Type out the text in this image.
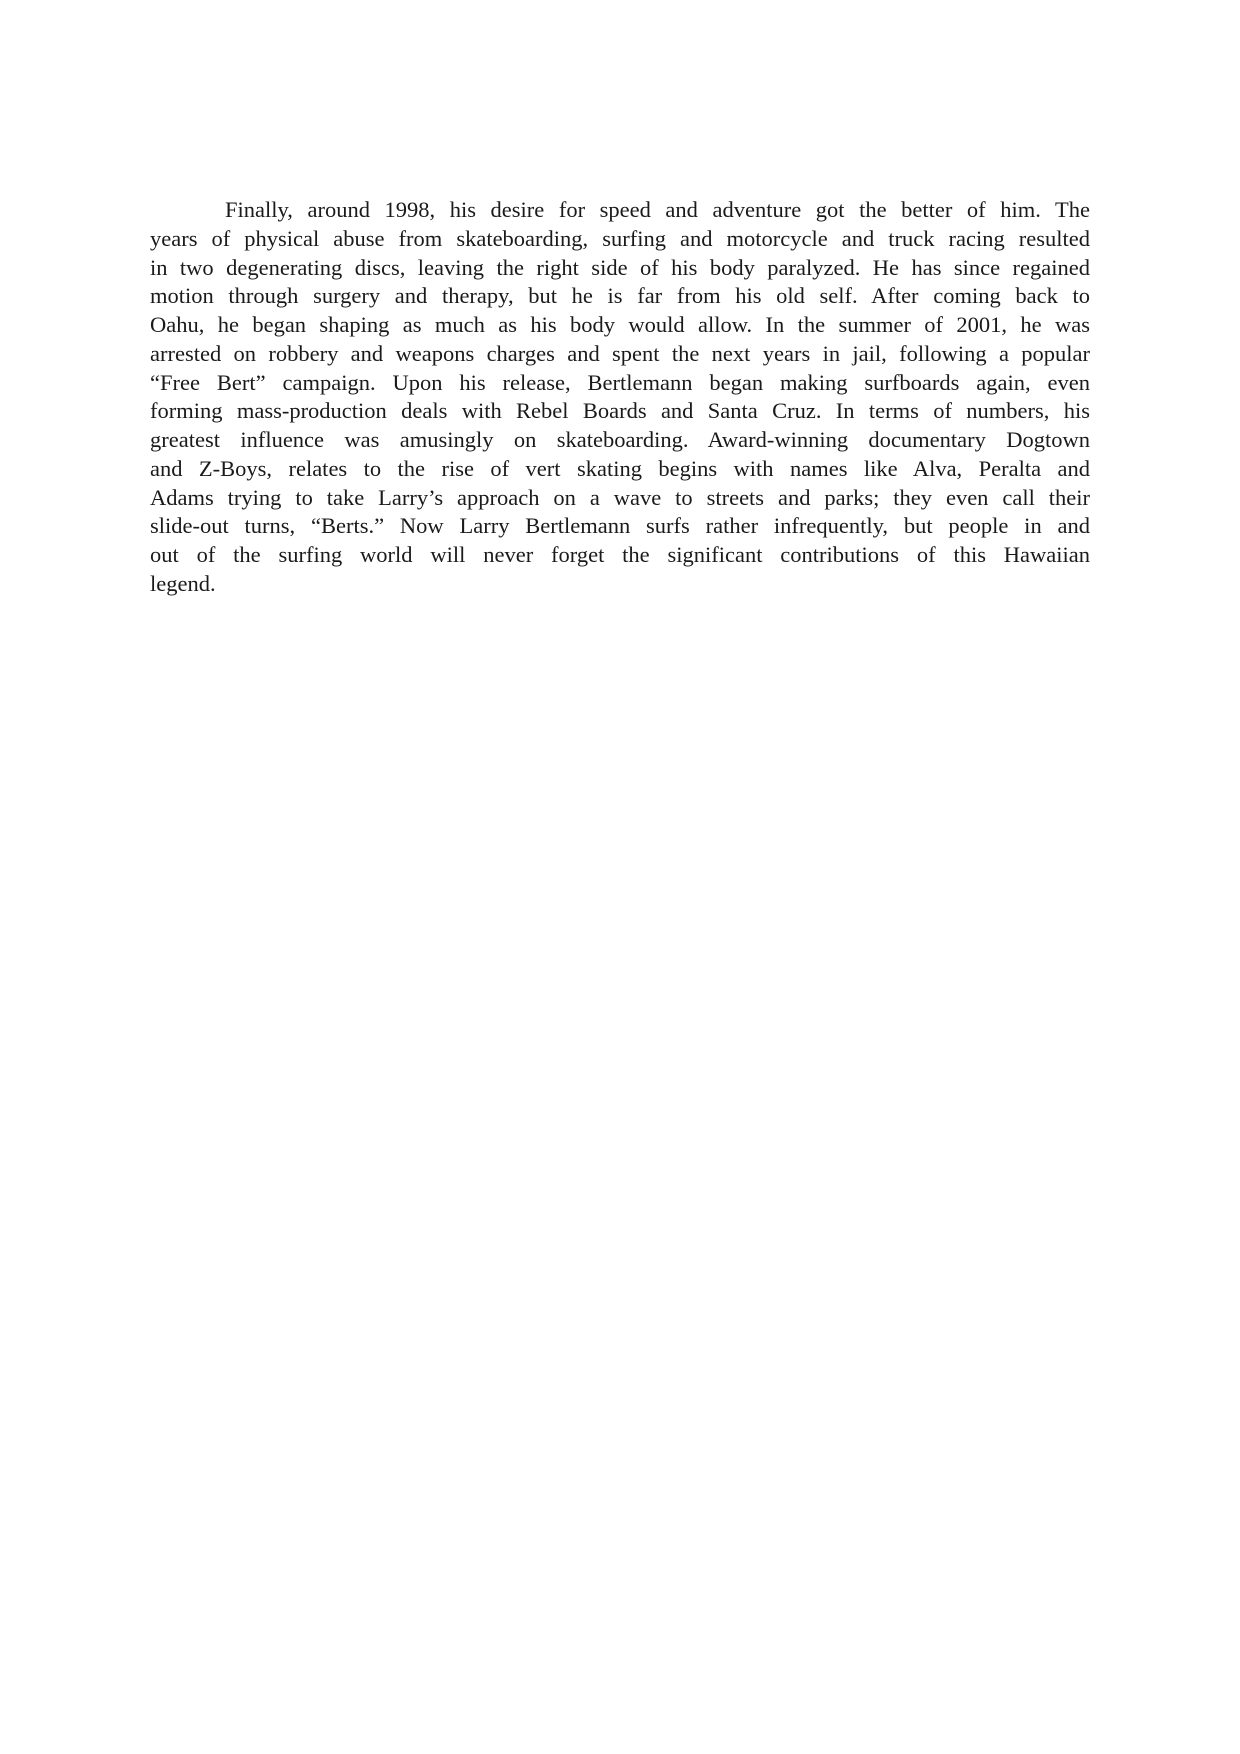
Finally, around 1998, his desire for speed and adventure got the better of him. The
years of physical abuse from skateboarding, surfing and motorcycle and truck racing resulted
in two degenerating discs, leaving the right side of his body paralyzed. He has since regained
motion through surgery and therapy, but he is far from his old self. After coming back to
Oahu, he began shaping as much as his body would allow. In the summer of 2001, he was
arrested on robbery and weapons charges and spent the next years in jail, following a popular
“Free Bert” campaign. Upon his release, Bertlemann began making surfboards again, even
forming mass-production deals with Rebel Boards and Santa Cruz. In terms of numbers, his
greatest influence was amusingly on skateboarding. Award-winning documentary Dogtown
and Z-Boys, relates to the rise of vert skating begins with names like Alva, Peralta and
Adams trying to take Larry’s approach on a wave to streets and parks; they even call their
slide-out turns, “Berts.” Now Larry Bertlemann surfs rather infrequently, but people in and
out of the surfing world will never forget the significant contributions of this Hawaiian
legend.
